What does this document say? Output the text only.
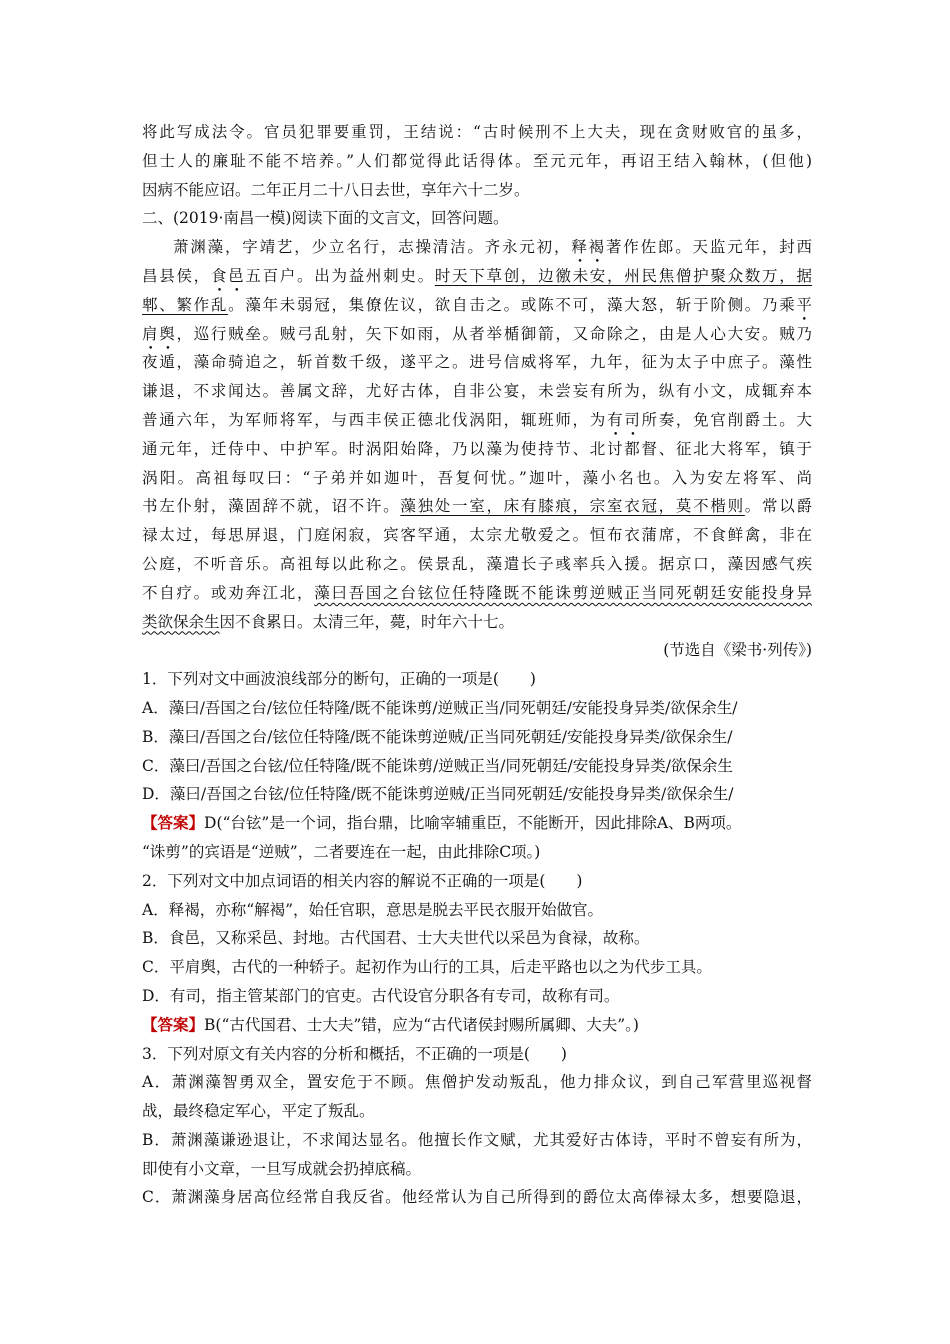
将此写成法令。官员犯罪要重罚，王结说：“古时候刑不上大夫，现在贪财败官的虽多，
但士人的廉耻不能不培养。”人们都觉得此话得体。至元元年，再诏王结入翰林，(但他)
因病不能应诏。二年正月二十八日去世，享年六十二岁。
二、(2019·南昌一模)阅读下面的文言文，回答问题。
萧渊藻，字靖艺，少立名行，志操清洁。齐永元初，释褐著作佐郎。天监元年，封西
昌县侯，食邑五百户。出为益州刺史。时天下草创，边徼未安，州民焦僧护聚众数万，据
郫、繁作乱。藻年未弱冠，集僚佐议，欲自击之。或陈不可，藻大怒，斩于阶侧。乃乘平
肩舆，巡行贼垒。贼弓乱射，矢下如雨，从者举楯御箭，又命除之，由是人心大安。贼乃
夜遁，藻命骑追之，斩首数千级，遂平之。进号信威将军，九年，征为太子中庶子。藻性
谦退，不求闻达。善属文辞，尤好古体，自非公宴，未尝妄有所为，纵有小文，成辄弃本
普通六年，为军师将军，与西丰侯正德北伐涡阳，辄班师，为有司所奏，免官削爵土。大
通元年，迁侍中、中护军。时涡阳始降，乃以藻为使持节、北讨都督、征北大将军，镇于
涡阳。高祖每叹曰：“子弟并如迦叶，吾复何忧。”迦叶，藻小名也。入为安左将军、尚
书左仆射，藻固辞不就，诏不许。藻独处一室，床有膝痕，宗室衣冠，莫不楷则。常以爵
禄太过，每思屏退，门庭闲寂，宾客罕通，太宗尤敬爱之。恒布衣蒲席，不食鲜禽，非在
公庭，不听音乐。高祖每以此称之。侯景乱，藻遣长子彧率兵入援。据京口，藻因感气疾
不自疗。或劝奔江北，藻曰吾国之台铉位任特隆既不能诛剪逆贼正当同死朝廷安能投身异
类欲保余生因不食累日。太清三年，薨，时年六十七。
(节选自《梁书·列传》)
1．下列对文中画波浪线部分的断句，正确的一项是(　　)
A．藻曰/吾国之台/铉位任特隆/既不能诛剪/逆贼正当/同死朝廷/安能投身异类/欲保余生/
B．藻曰/吾国之台/铉位任特隆/既不能诛剪逆贼/正当同死朝廷/安能投身异类/欲保余生/
C．藻曰/吾国之台铉/位任特隆/既不能诛剪/逆贼正当/同死朝廷/安能投身异类/欲保余生
D．藻曰/吾国之台铉/位任特隆/既不能诛剪逆贼/正当同死朝廷/安能投身异类/欲保余生/
【答案】D(“台铉”是一个词，指台鼎，比喻宰辅重臣，不能断开，因此排除A、B两项。
“诛剪”的宾语是“逆贼”，二者要连在一起，由此排除C项。)
2．下列对文中加点词语的相关内容的解说不正确的一项是(　　)
A．释褐，亦称“解褐”，始任官职，意思是脱去平民衣服开始做官。
B．食邑，又称采邑、封地。古代国君、士大夫世代以采邑为食禄，故称。
C．平肩舆，古代的一种轿子。起初作为山行的工具，后走平路也以之为代步工具。
D．有司，指主管某部门的官吏。古代设官分职各有专司，故称有司。
【答案】B(“古代国君、士大夫”错，应为“古代诸侯封赐所属卿、大夫”。)
3．下列对原文有关内容的分析和概括，不正确的一项是(　　)
A．萧渊藻智勇双全，置安危于不顾。焦僧护发动叛乱，他力排众议，到自己军营里巡视督
战，最终稳定军心，平定了叛乱。
B．萧渊藻谦逊退让，不求闻达显名。他擅长作文赋，尤其爱好古体诗，平时不曾妄有所为，
即使有小文章，一旦写成就会扔掉底稿。
C．萧渊藻身居高位经常自我反省。他经常认为自己所得到的爵位太高俸禄太多，想要隐退，
